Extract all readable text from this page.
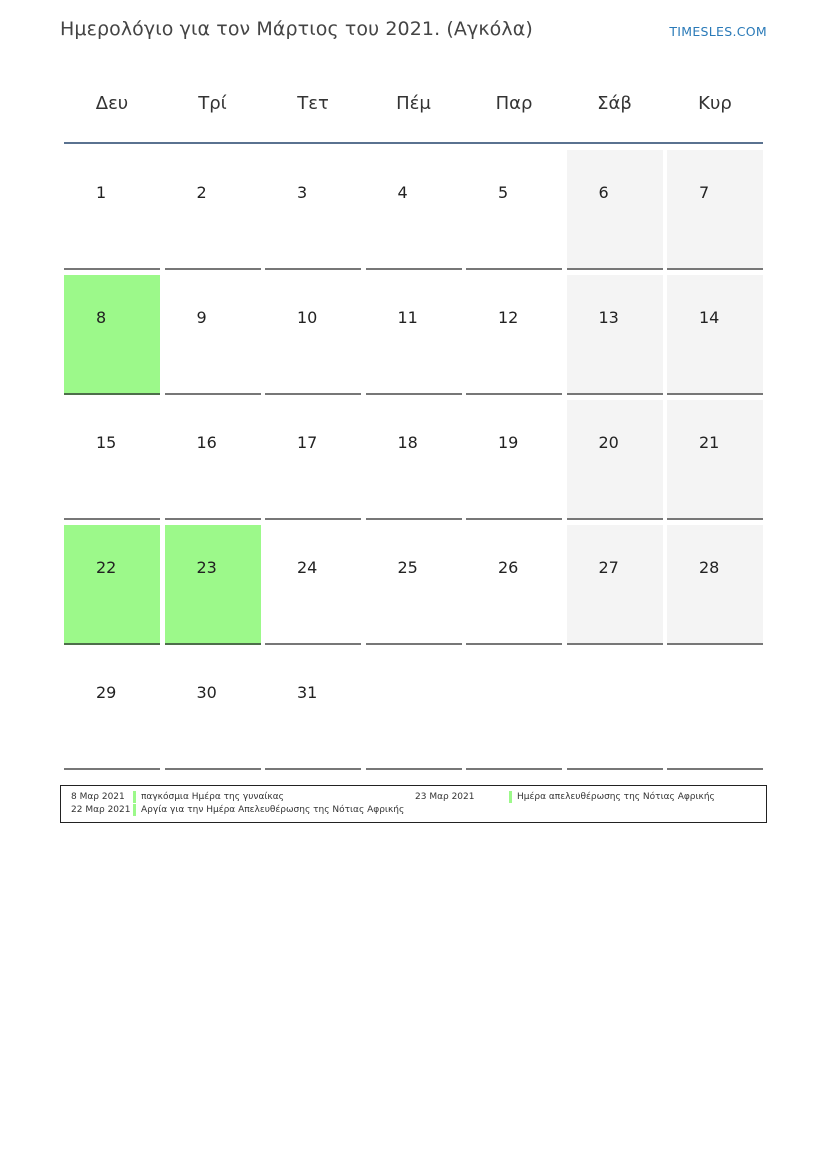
Ημερολόγιο για τον Μάρτιος του 2021. (Αγκόλα)	TIMESLES.COM
Δευ	Τρί	Τετ	Πέμ	Παρ	Σάβ	Κυρ
1	2	3	4	5	6	7
8	9	10	11	12	13	14
15	16	17	18	19	20	21
22	23	24	25	26	27	28
29	30	31
8 Μαρ 2021 παγκόσμια Ημέρα της γυναίκας	23 Μαρ 2021	Ημέρα απελευθέρωσης της Νότιας Αφρικής
22 Μαρ 2021 Αργία για την Ημέρα Απελευθέρωσης της Νότιας Αφρικής
